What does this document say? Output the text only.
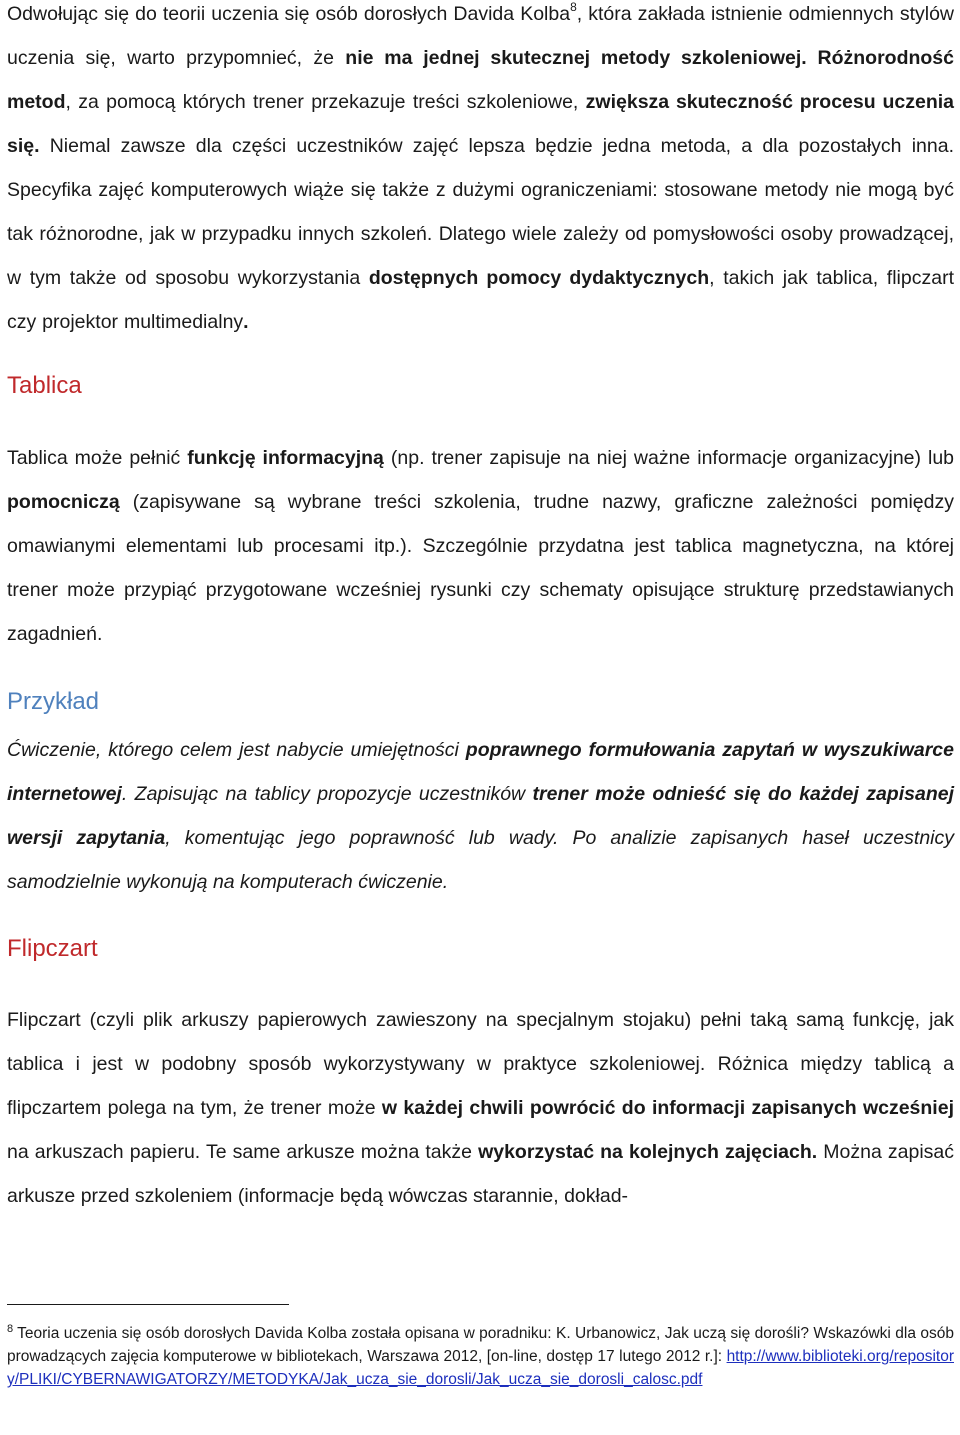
Odwołując się do teorii uczenia się osób dorosłych Davida Kolba$^8$, która zakłada istnienie odmiennych stylów uczenia się, warto przypomnieć, że nie ma jednej skutecznej metody szkoleniowej. Różnorodność metod, za pomocą których trener przekazuje treści szkoleniowe, zwiększa skuteczność procesu uczenia się. Niemal zawsze dla części uczestników zajęć lepsza będzie jedna metoda, a dla pozostałych inna. Specyfika zajęć komputerowych wiąże się także z dużymi ograniczeniami: stosowane metody nie mogą być tak różnorodne, jak w przypadku innych szkoleń. Dlatego wiele zależy od pomysłowości osoby prowadzącej, w tym także od sposobu wykorzystania dostępnych pomocy dydaktycznych, takich jak tablica, flipczart czy projektor multimedialny.

Tablica

Tablica może pełnić funkcję informacyjną (np. trener zapisuje na niej ważne informacje organizacyjne) lub pomocniczą (zapisywane są wybrane treści szkolenia, trudne nazwy, graficzne zależności pomiędzy omawianymi elementami lub procesami itp.). Szczególnie przydatna jest tablica magnetyczna, na której trener może przypiąć przygotowane wcześniej rysunki czy schematy opisujące strukturę przedstawianych zagadnień.

Przykład

Ćwiczenie, którego celem jest nabycie umiejętności poprawnego formułowania zapytań w wyszukiwarce internetowej. Zapisując na tablicy propozycje uczestników trener może odnieść się do każdej zapisanej wersji zapytania, komentując jego poprawność lub wady. Po analizie zapisanych haseł uczestnicy samodzielnie wykonują na komputerach ćwiczenie.

Flipczart

Flipczart (czyli plik arkuszy papierowych zawieszony na specjalnym stojaku) pełni taką samą funkcję, jak tablica i jest w podobny sposób wykorzystywany w praktyce szkoleniowej. Różnica między tablicą a flipczartem polega na tym, że trener może w każdej chwili powrócić do informacji zapisanych wcześniej na arkuszach papieru. Te same arkusze można także wykorzystać na kolejnych zajęciach. Można zapisać arkusze przed szkoleniem (informacje będą wówczas starannie, dokład-

$^8$ Teoria uczenia się osób dorosłych Davida Kolba została opisana w poradniku: K. Urbanowicz, Jak uczą się dorośli? Wskazówki dla osób prowadzących zajęcia komputerowe w bibliotekach, Warszawa 2012, [on-line, dostęp 17 lutego 2012 r.]: http://www.biblioteki.org/repository/PLIKI/CYBERNAWIGATORZY/METODYKA/Jak_ucza_sie_dorosli/Jak_ucza_sie_dorosli_calosc.pdf
